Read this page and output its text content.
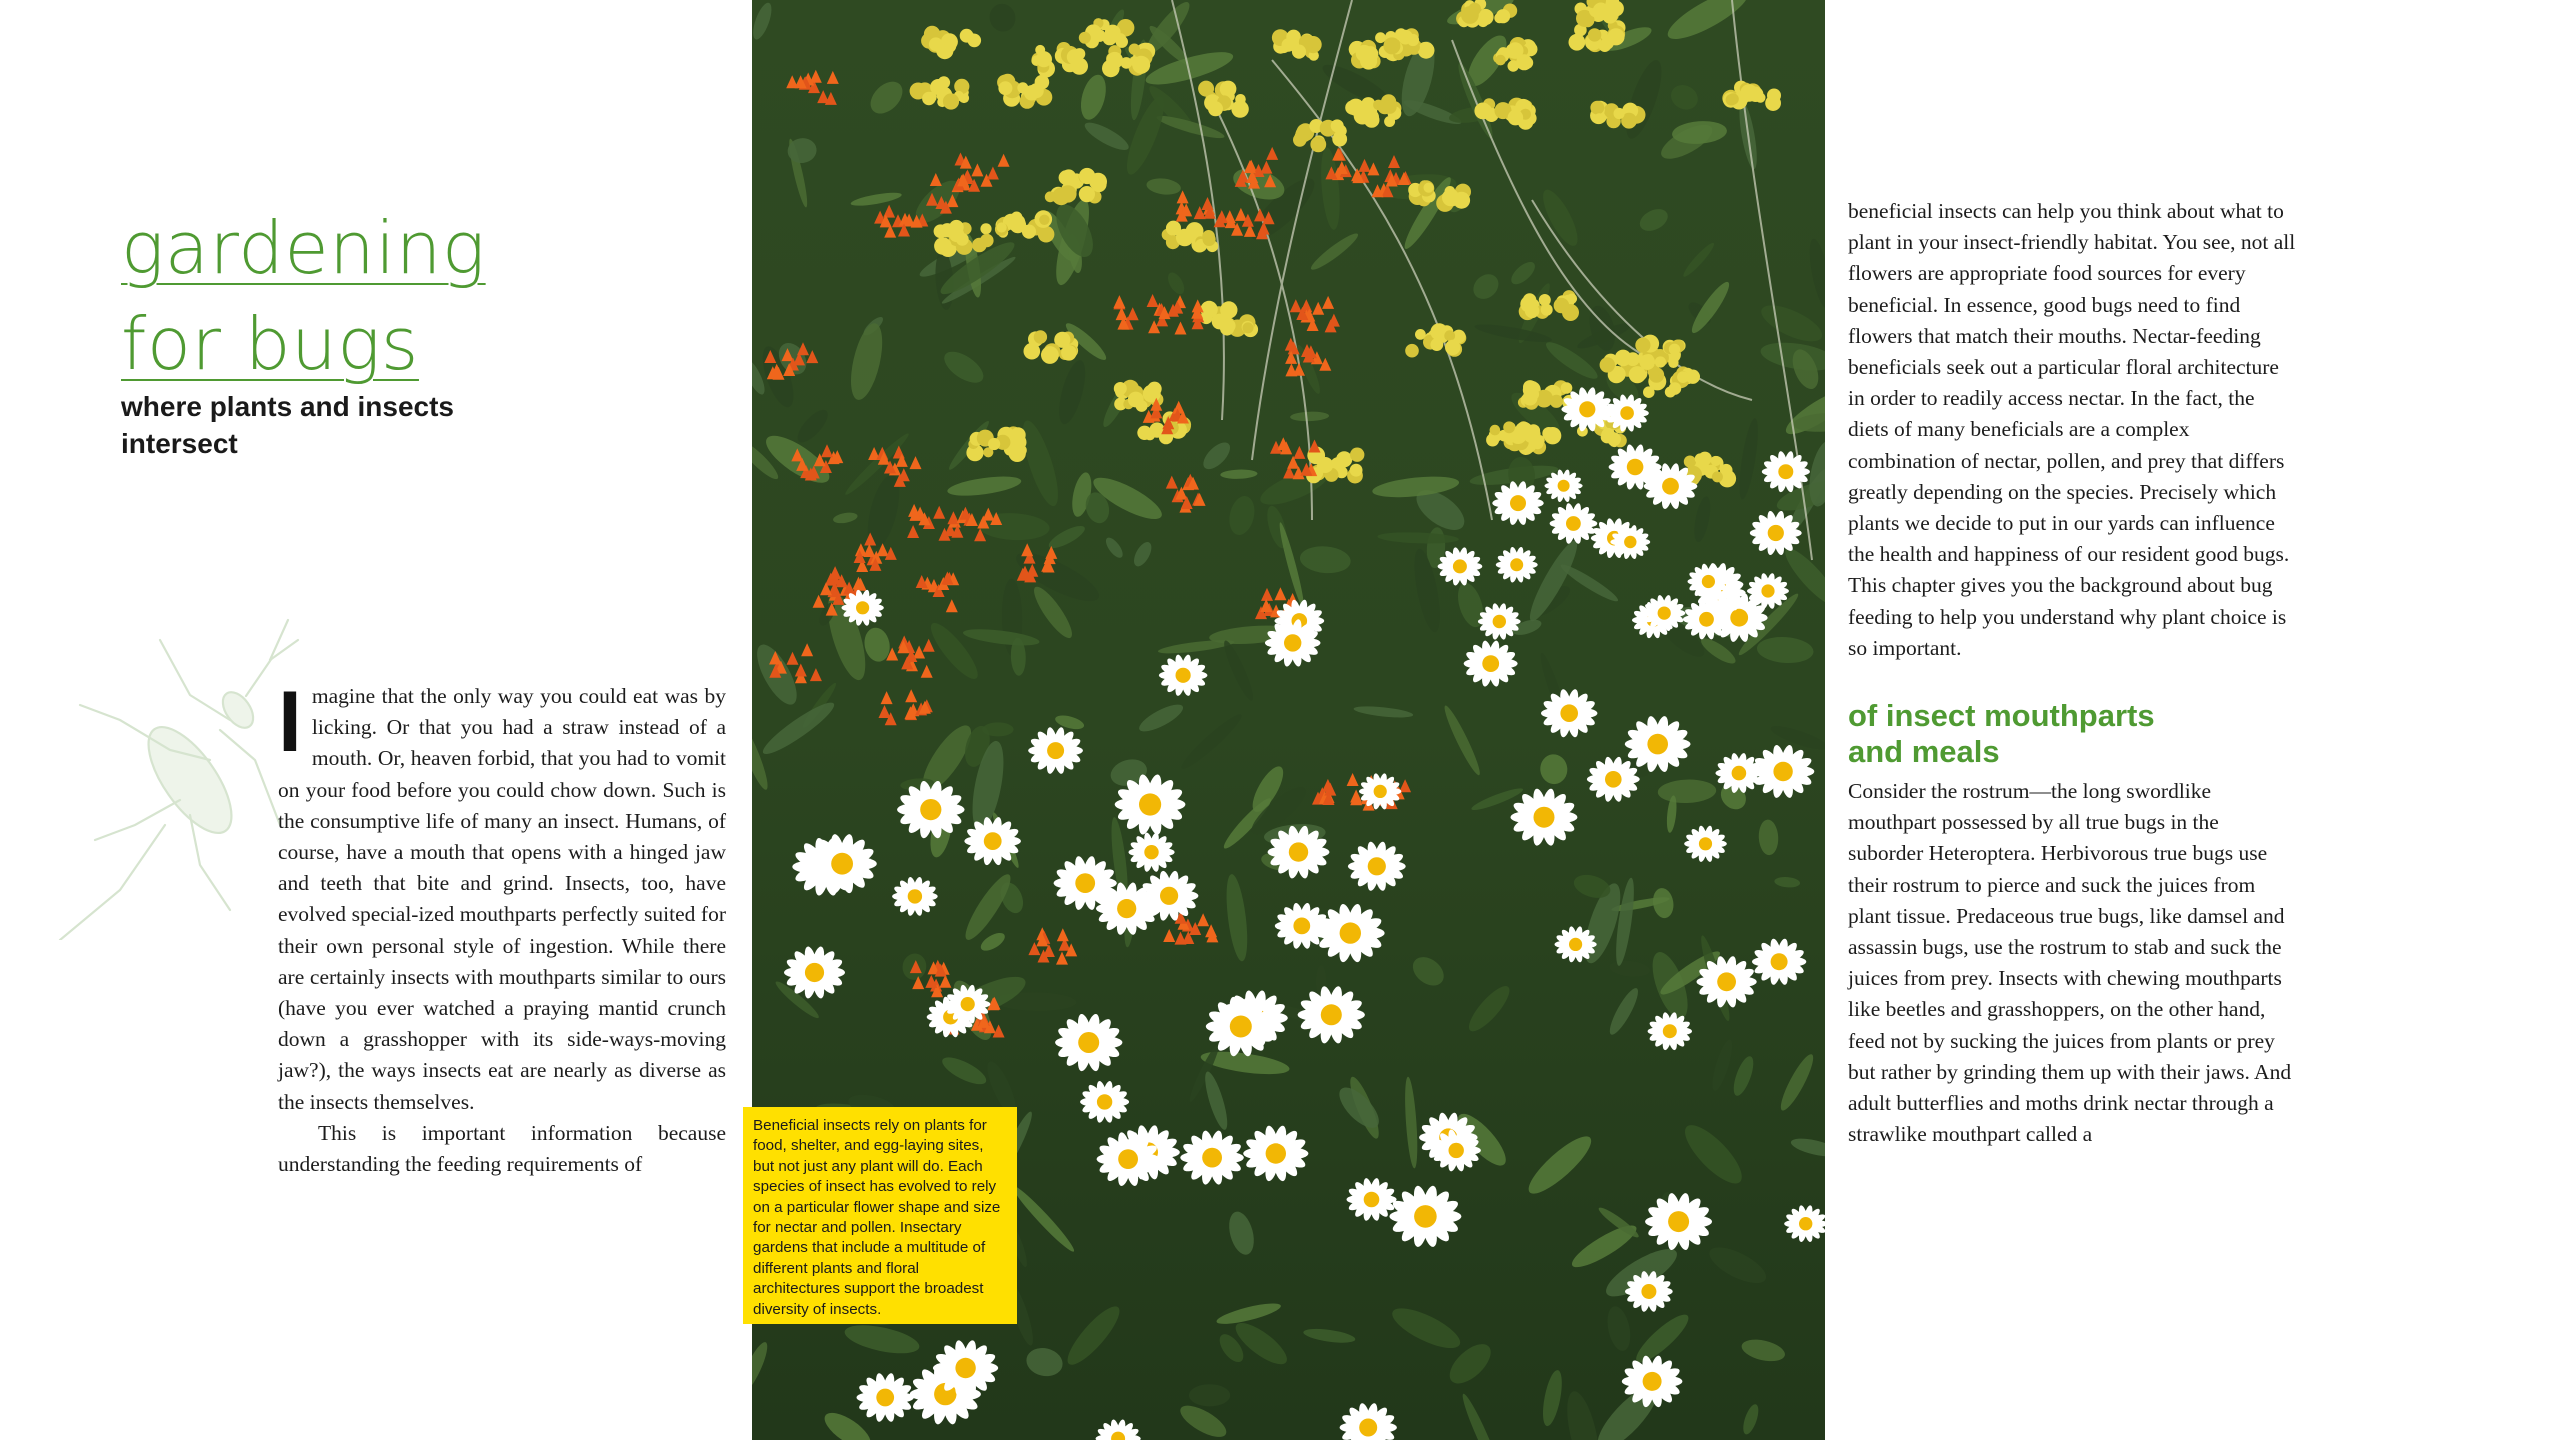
gardening
for bugs
where plants and insects intersect

Imagine that the only way you could eat was by licking. Or that you had a straw instead of a mouth. Or, heaven forbid, that you had to vomit on your food before you could chow down. Such is the consumptive life of many an insect. Humans, of course, have a mouth that opens with a hinged jaw and teeth that bite and grind. Insects, too, have evolved special-ized mouthparts perfectly suited for their own personal style of ingestion. While there are certainly insects with mouthparts similar to ours (have you ever watched a praying mantid crunch down a grasshopper with its side-ways-moving jaw?), the ways insects eat are nearly as diverse as the insects themselves.

This is important information because understanding the feeding requirements of

Beneficial insects rely on plants for food, shelter, and egg-laying sites, but not just any plant will do. Each species of insect has evolved to rely on a particular flower shape and size for nectar and pollen. Insectary gardens that include a multitude of different plants and floral architectures support the broadest diversity of insects.

beneficial insects can help you think about what to plant in your insect-friendly habitat. You see, not all flowers are appropriate food sources for every beneficial. In essence, good bugs need to find flowers that match their mouths. Nectar-feeding beneficials seek out a particular floral architecture in order to readily access nectar. In the fact, the diets of many beneficials are a complex combination of nectar, pollen, and prey that differs greatly depending on the species. Precisely which plants we decide to put in our yards can influence the health and happiness of our resident good bugs. This chapter gives you the background about bug feeding to help you understand why plant choice is so important.

of insect mouthparts
and meals

Consider the rostrum—the long swordlike mouthpart possessed by all true bugs in the suborder Heteroptera. Herbivorous true bugs use their rostrum to pierce and suck the juices from plant tissue. Predaceous true bugs, like damsel and assassin bugs, use the rostrum to stab and suck the juices from prey. Insects with chewing mouthparts like beetles and grasshoppers, on the other hand, feed not by sucking the juices from plants or prey but rather by grinding them up with their jaws. And adult butterflies and moths drink nectar through a strawlike mouthpart called a
